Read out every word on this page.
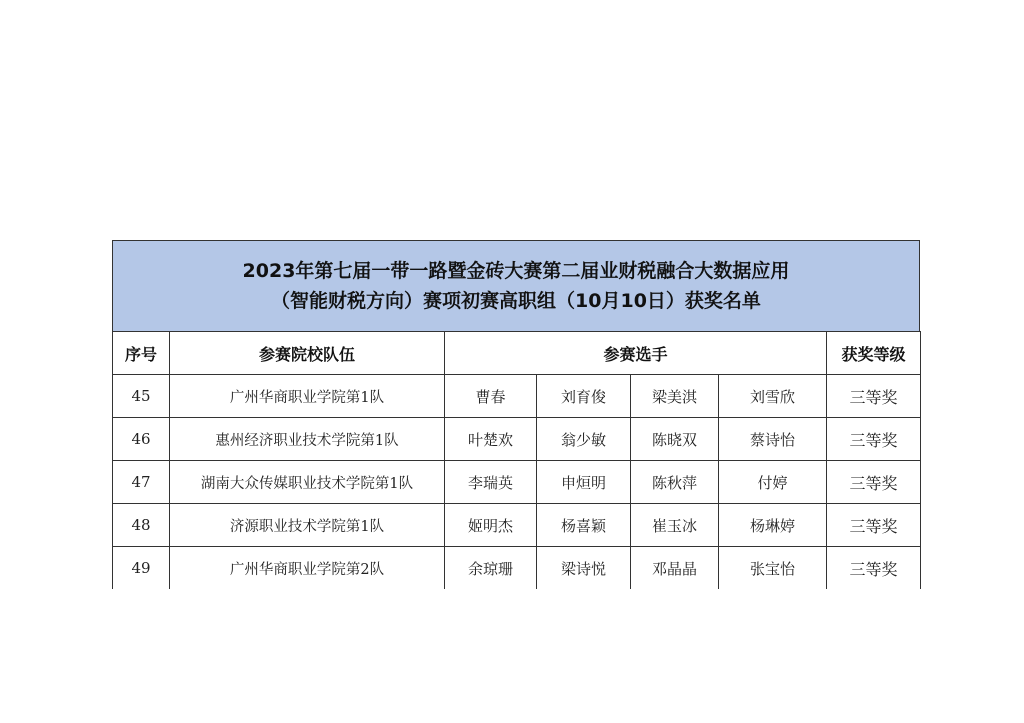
2023年第七届一带一路暨金砖大赛第二届业财税融合大数据应用
（智能财税方向）赛项初赛高职组（10月10日）获奖名单
序号	参赛院校队伍	参赛选手				获奖等级
45	广州华商职业学院第1队	曹春	刘育俊	梁美淇	刘雪欣	三等奖
46	惠州经济职业技术学院第1队	叶楚欢	翁少敏	陈晓双	蔡诗怡	三等奖
47	湖南大众传媒职业技术学院第1队	李瑞英	申烜明	陈秋萍	付婷	三等奖
48	济源职业技术学院第1队	姬明杰	杨喜颖	崔玉冰	杨琳婷	三等奖
49	广州华商职业学院第2队	余琼珊	梁诗悦	邓晶晶	张宝怡	三等奖
